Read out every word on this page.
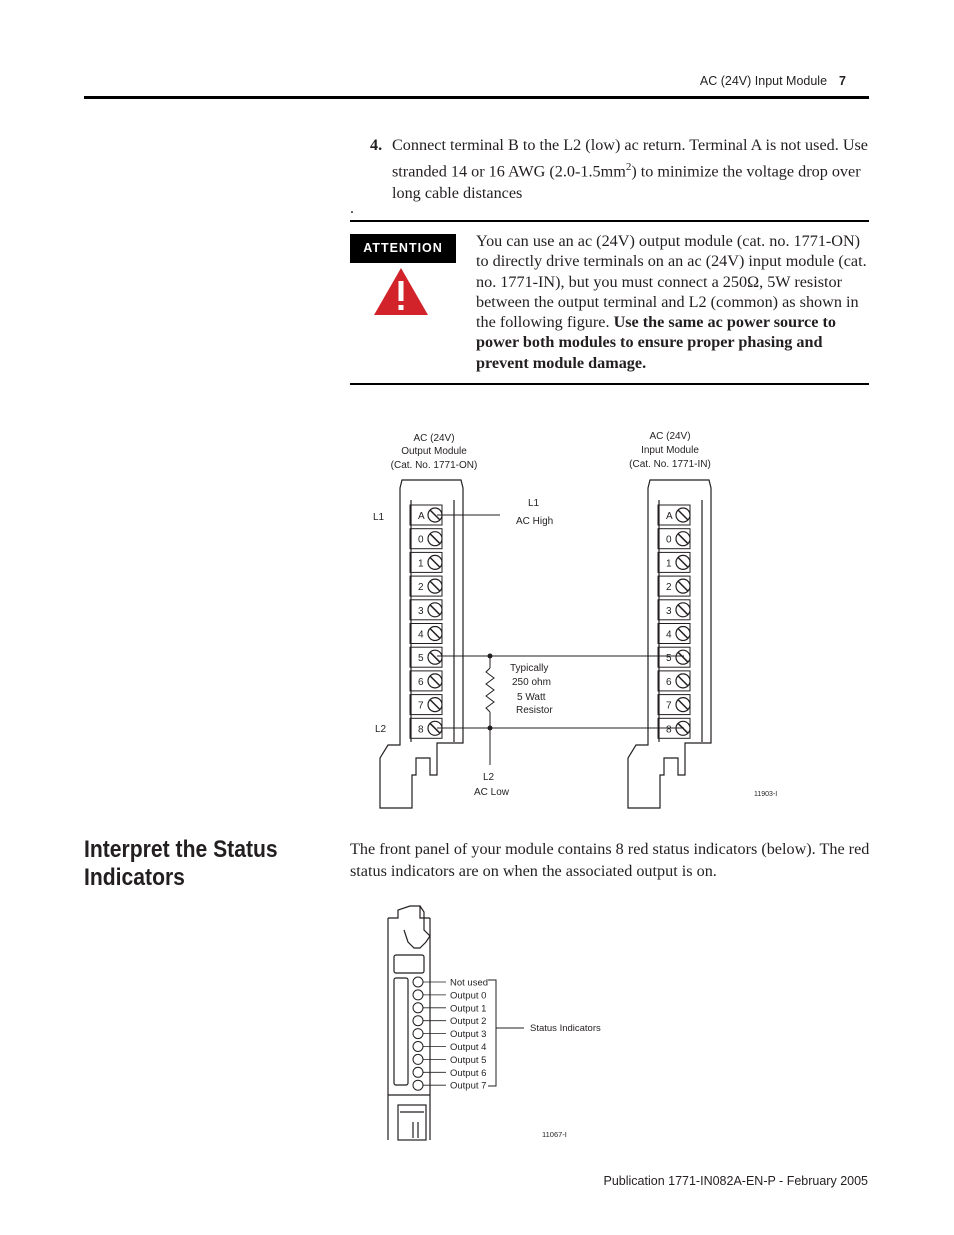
AC (24V) Input Module 7
4. Connect terminal B to the L2 (low) ac return. Terminal A is not used. Use stranded 14 or 16 AWG $(2.0-1.5mm^2)$ to minimize the voltage drop over long cable distances
.
ATTENTION	You can use an ac (24V) output module (cat. no. 1771-ON) to directly drive terminals on an ac (24V) input module (cat. no. 1771-IN), but you must connect a 250Ω, 5W resistor between the output terminal and L2 (common) as shown in the following figure. Use the same ac power source to power both modules to ensure proper phasing and prevent module damage.
AC (24V)
Output Module
(Cat. No. 1771-ON)
AC (24V)
Input Module
(Cat. No. 1771-IN)
A
0
1
2
3
4
5
6
7
8
A
0
1
2
3
4
5
6
7
8
L1
L2
L1
AC High
Typically
250 ohm
5 Watt
Resistor
L2
AC Low	11903-I
Interpret the Status Indicators
The front panel of your module contains 8 red status indicators (below). The red status indicators are on when the associated output is on.
Not used
Output 0
Output 1
Output 2
Output 3
Output 4
Output 5
Output 6
Output 7
Status Indicators
11067-I
Publication 1771-IN082A-EN-P - February 2005
